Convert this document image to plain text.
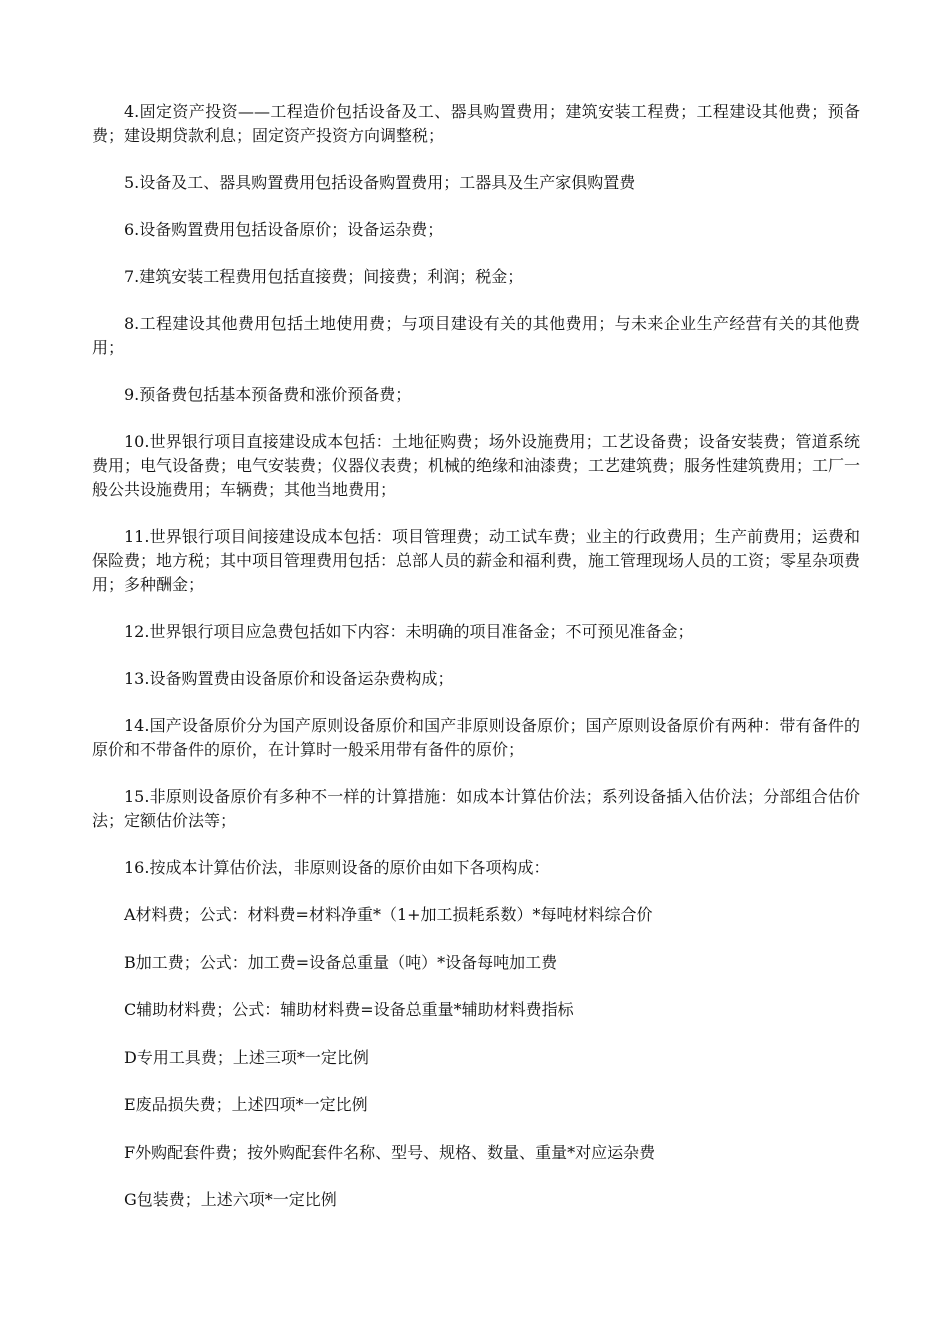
4.固定资产投资——工程造价包括设备及工、器具购置费用；建筑安装工程费；工程建设其他费；预备费；建设期贷款利息；固定资产投资方向调整税；

5.设备及工、器具购置费用包括设备购置费用；工器具及生产家俱购置费

6.设备购置费用包括设备原价；设备运杂费；

7.建筑安装工程费用包括直接费；间接费；利润；税金；

8.工程建设其他费用包括土地使用费；与项目建设有关的其他费用；与未来企业生产经营有关的其他费用；

9.预备费包括基本预备费和涨价预备费；

10.世界银行项目直接建设成本包括：土地征购费；场外设施费用；工艺设备费；设备安装费；管道系统费用；电气设备费；电气安装费；仪器仪表费；机械的绝缘和油漆费；工艺建筑费；服务性建筑费用；工厂一般公共设施费用；车辆费；其他当地费用；

11.世界银行项目间接建设成本包括：项目管理费；动工试车费；业主的行政费用；生产前费用；运费和保险费；地方税；其中项目管理费用包括：总部人员的薪金和福利费，施工管理现场人员的工资；零星杂项费用；多种酬金；

12.世界银行项目应急费包括如下内容：未明确的项目准备金；不可预见准备金；

13.设备购置费由设备原价和设备运杂费构成；

14.国产设备原价分为国产原则设备原价和国产非原则设备原价；国产原则设备原价有两种：带有备件的原价和不带备件的原价，在计算时一般采用带有备件的原价；

15.非原则设备原价有多种不一样的计算措施：如成本计算估价法；系列设备插入估价法；分部组合估价法；定额估价法等；

16.按成本计算估价法，非原则设备的原价由如下各项构成：

A材料费；公式：材料费=材料净重*（1+加工损耗系数）*每吨材料综合价

B加工费；公式：加工费=设备总重量（吨）*设备每吨加工费

C辅助材料费；公式：辅助材料费=设备总重量*辅助材料费指标

D专用工具费；上述三项*一定比例

E废品损失费；上述四项*一定比例

F外购配套件费；按外购配套件名称、型号、规格、数量、重量*对应运杂费

G包装费；上述六项*一定比例
